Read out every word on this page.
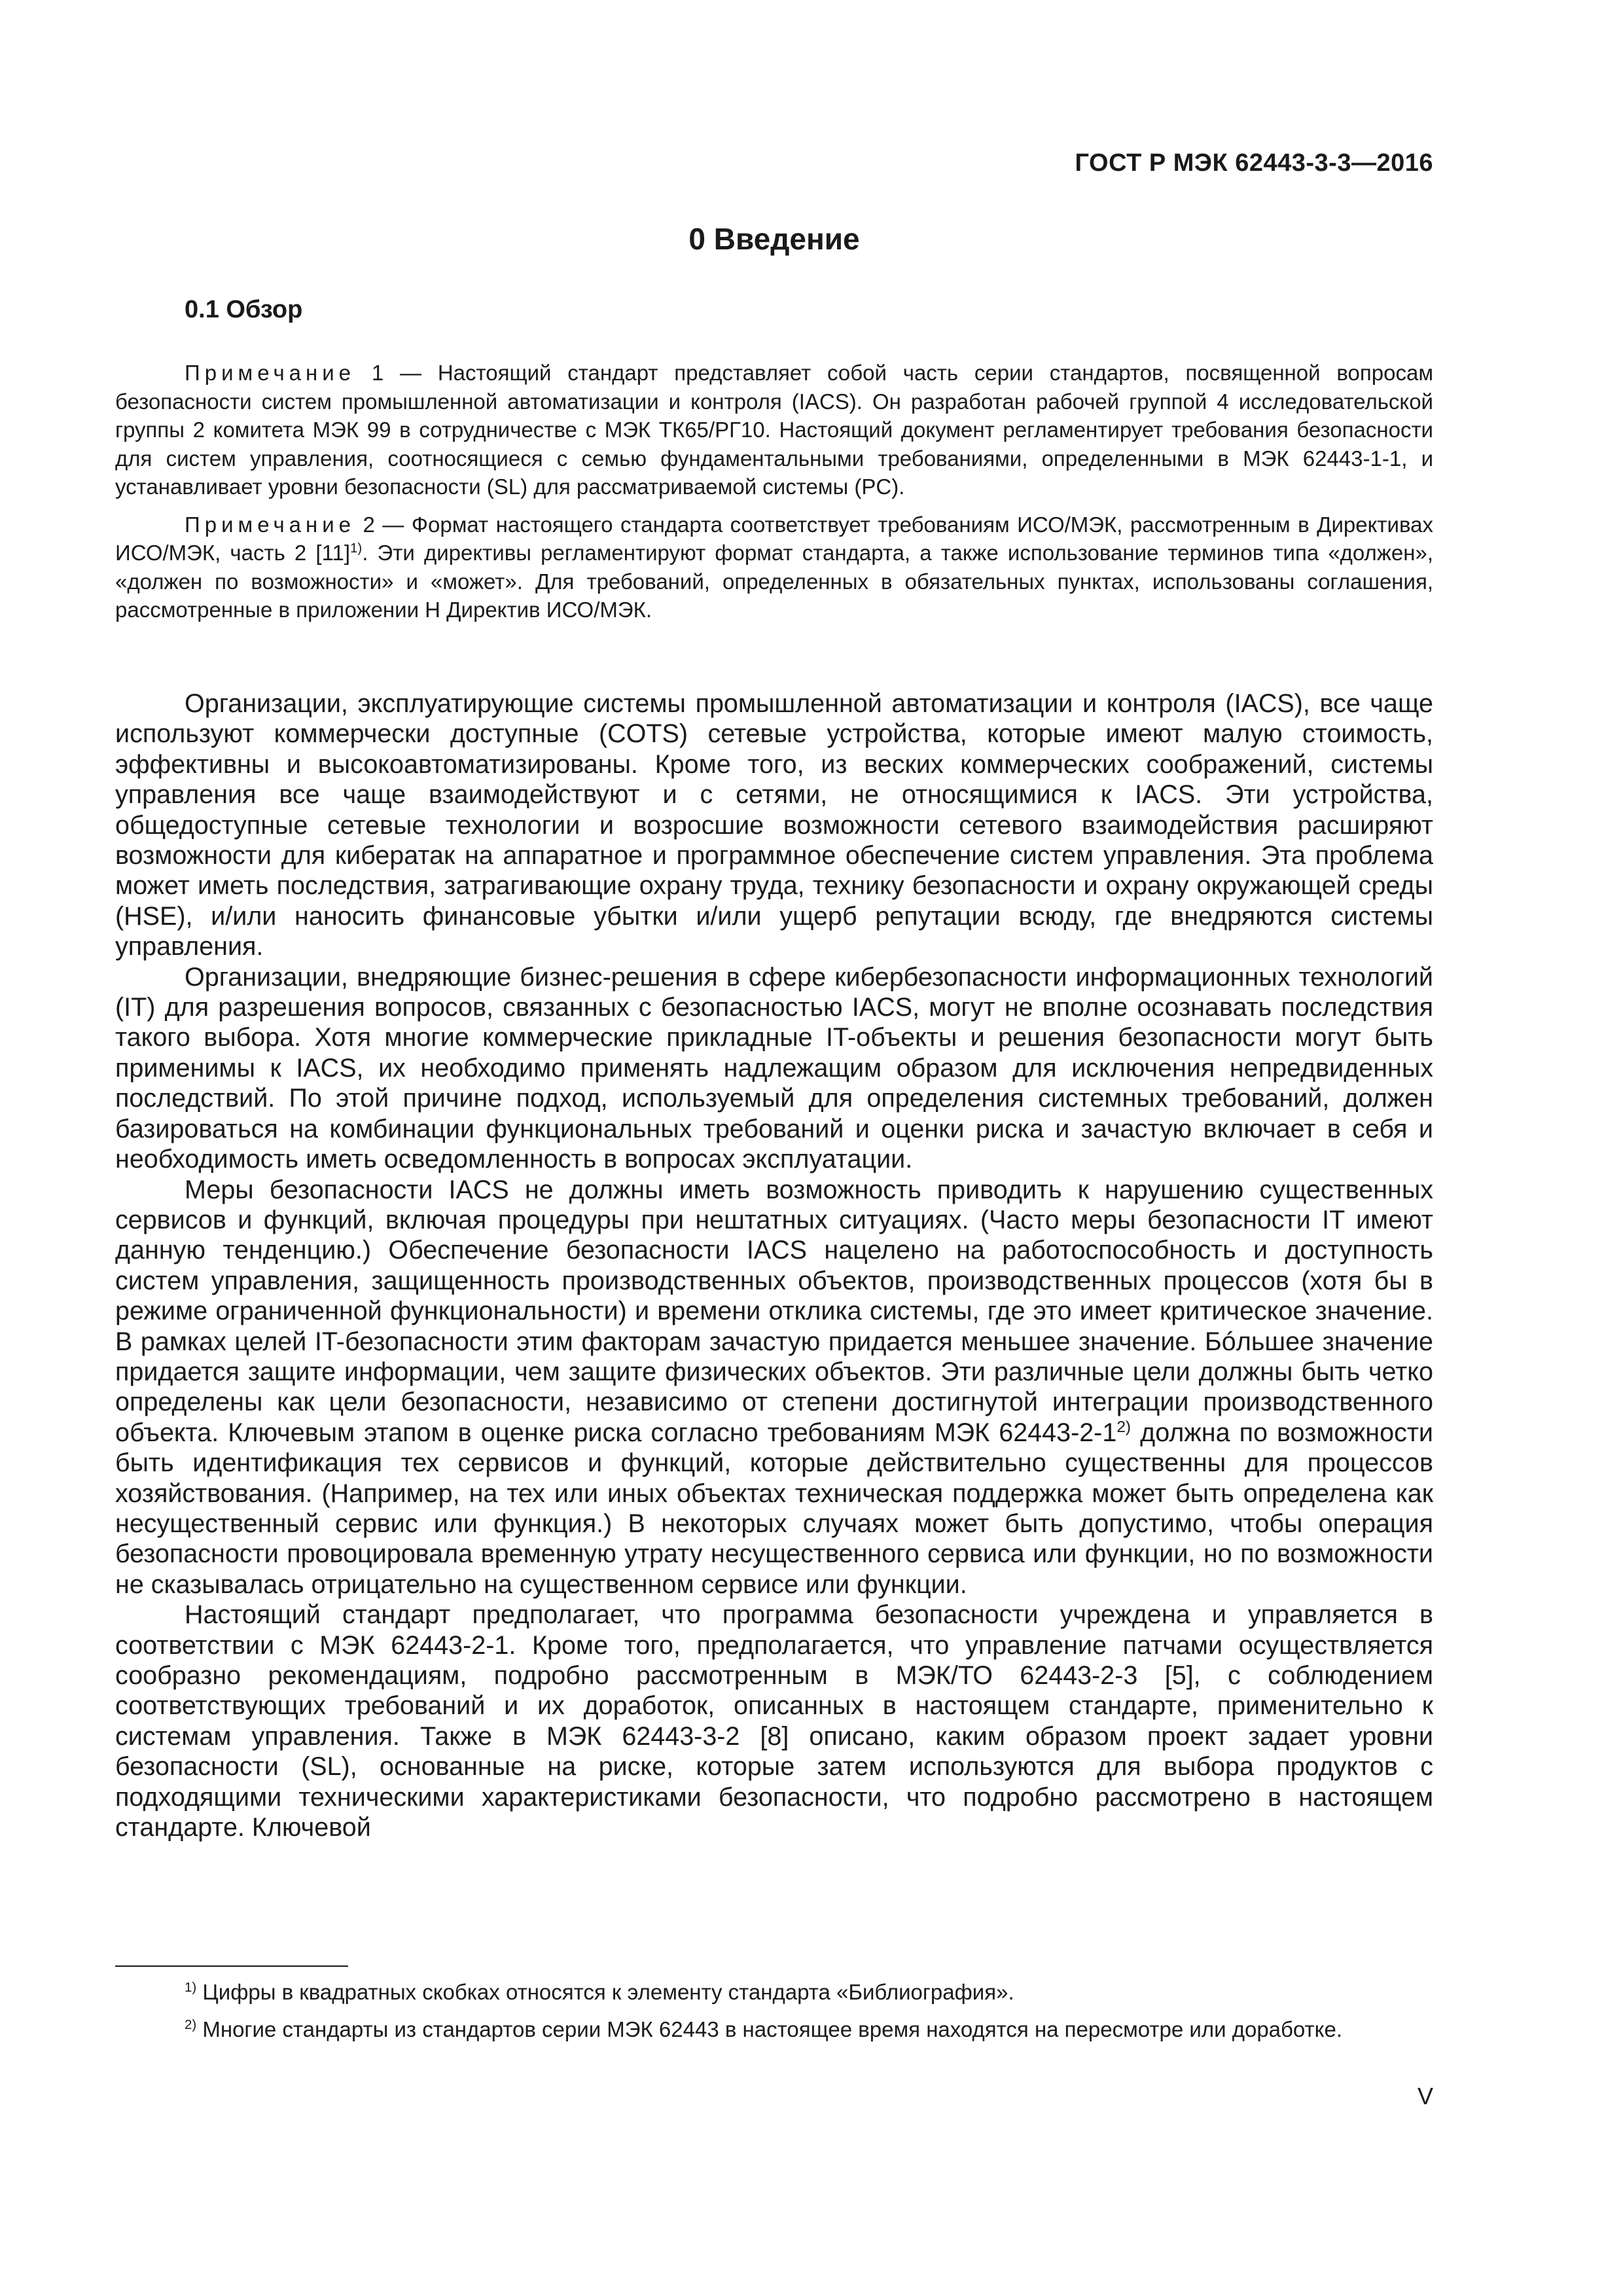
ГОСТ Р МЭК 62443-3-3—2016
0 Введение
0.1 Обзор

Примечание 1 — Настоящий стандарт представляет собой часть серии стандартов, посвященной вопросам безопасности систем промышленной автоматизации и контроля (IACS). Он разработан рабочей группой 4 исследовательской группы 2 комитета МЭК 99 в сотрудничестве с МЭК ТК65/РГ10. Настоящий документ регламентирует требования безопасности для систем управления, соотносящиеся с семью фундаментальными требованиями, определенными в МЭК 62443-1-1, и устанавливает уровни безопасности (SL) для рассматриваемой системы (PC).

Примечание 2 — Формат настоящего стандарта соответствует требованиям ИСО/МЭК, рассмотренным в Директивах ИСО/МЭК, часть 2 $[11]^{1)}$. Эти директивы регламентируют формат стандарта, а также использование терминов типа «должен», «должен по возможности» и «может». Для требований, определенных в обязательных пунктах, использованы соглашения, рассмотренные в приложении Н Директив ИСО/МЭК.

Организации, эксплуатирующие системы промышленной автоматизации и контроля (IACS), все чаще используют коммерчески доступные (COTS) сетевые устройства, которые имеют малую стоимость, эффективны и высокоавтоматизированы. Кроме того, из веских коммерческих соображений, системы управления все чаще взаимодействуют и с сетями, не относящимися к IACS. Эти устройства, общедоступные сетевые технологии и возросшие возможности сетевого взаимодействия расширяют возможности для кибератак на аппаратное и программное обеспечение систем управления. Эта проблема может иметь последствия, затрагивающие охрану труда, технику безопасности и охрану окружающей среды (HSE), и/или наносить финансовые убытки и/или ущерб репутации всюду, где внедряются системы управления.

Организации, внедряющие бизнес-решения в сфере кибербезопасности информационных технологий (IT) для разрешения вопросов, связанных с безопасностью IACS, могут не вполне осознавать последствия такого выбора. Хотя многие коммерческие прикладные IT-объекты и решения безопасности могут быть применимы к IACS, их необходимо применять надлежащим образом для исключения непредвиденных последствий. По этой причине подход, используемый для определения системных требований, должен базироваться на комбинации функциональных требований и оценки риска и зачастую включает в себя и необходимость иметь осведомленность в вопросах эксплуатации.

Меры безопасности IACS не должны иметь возможность приводить к нарушению существенных сервисов и функций, включая процедуры при нештатных ситуациях. (Часто меры безопасности IT имеют данную тенденцию.) Обеспечение безопасности IACS нацелено на работоспособность и доступность систем управления, защищенность производственных объектов, производственных процессов (хотя бы в режиме ограниченной функциональности) и времени отклика системы, где это имеет критическое значение. В рамках целей IT-безопасности этим факторам зачастую придается меньшее значение. Бóльшее значение придается защите информации, чем защите физических объектов. Эти различные цели должны быть четко определены как цели безопасности, независимо от степени достигнутой интеграции производственного объекта. Ключевым этапом в оценке риска согласно требованиям МЭК 62443-2-1$^{2)}$ должна по возможности быть идентификация тех сервисов и функций, которые действительно существенны для процессов хозяйствования. (Например, на тех или иных объектах техническая поддержка может быть определена как несущественный сервис или функция.) В некоторых случаях может быть допустимо, чтобы операция безопасности провоцировала временную утрату несущественного сервиса или функции, но по возможности не сказывалась отрицательно на существенном сервисе или функции.

Настоящий стандарт предполагает, что программа безопасности учреждена и управляется в соответствии с МЭК 62443-2-1. Кроме того, предполагается, что управление патчами осуществляется сообразно рекомендациям, подробно рассмотренным в МЭК/ТО 62443-2-3 [5], с соблюдением соответствующих требований и их доработок, описанных в настоящем стандарте, применительно к системам управления. Также в МЭК 62443-3-2 [8] описано, каким образом проект задает уровни безопасности (SL), основанные на риске, которые затем используются для выбора продуктов с подходящими техническими характеристиками безопасности, что подробно рассмотрено в настоящем стандарте. Ключевой

$^{1)}$ Цифры в квадратных скобках относятся к элементу стандарта «Библиография».

$^{2)}$ Многие стандарты из стандартов серии МЭК 62443 в настоящее время находятся на пересмотре или доработке.

V
